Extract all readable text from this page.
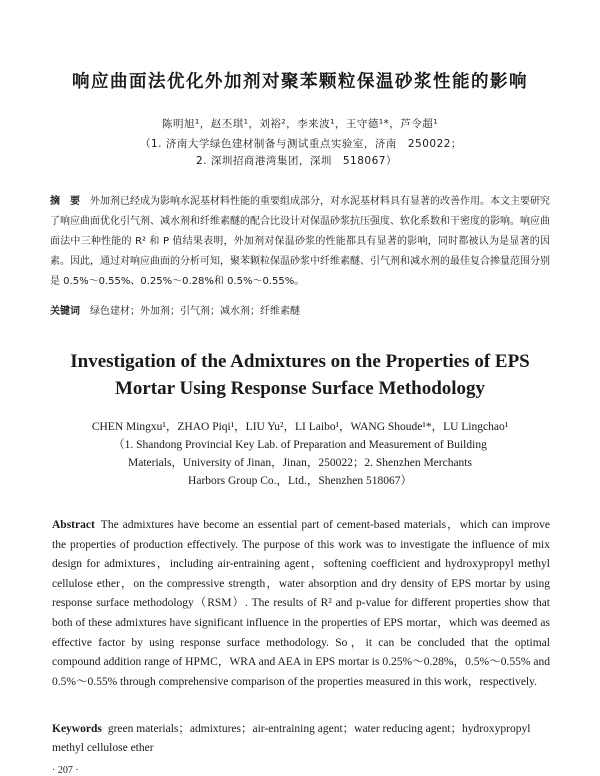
响应曲面法优化外加剂对聚苯颗粒保温砂浆性能的影响
陈明旭¹，赵丕琪¹，刘裕²，李来波¹，王守德¹*，芦令超¹
（1. 济南大学绿色建材制备与测试重点实验室，济南　250022；
2. 深圳招商港湾集团，深圳　518067）
摘　要 外加剂已经成为影响水泥基材料性能的重要组成部分，对水泥基材料具有显著的改善作用。本文主要研究了响应曲面优化引气剂、减水剂和纤维素醚的配合比设计对保温砂浆抗压强度、软化系数和干密度的影响。响应曲面法中三种性能的 R² 和 P 值结果表明，外加剂对保温砂浆的性能都具有显著的影响，同时都被认为是显著的因素。因此，通过对响应曲面的分析可知，聚苯颗粒保温砂浆中纤维素醚、引气剂和减水剂的最佳复合掺量范围分别是 0.5%～0.55%、0.25%～0.28%和 0.5%～0.55%。
关键词 绿色建材；外加剂；引气剂；减水剂；纤维素醚
Investigation of the Admixtures on the Properties of EPS
Mortar Using Response Surface Methodology
CHEN Mingxu¹，ZHAO Piqi¹，LIU Yu²，LI Laibo¹，WANG Shoude¹*，LU Lingchao¹
（1. Shandong Provincial Key Lab. of Preparation and Measurement of Building
Materials，University of Jinan，Jinan，250022；2. Shenzhen Merchants
Harbors Group Co.，Ltd.，Shenzhen 518067）
Abstract The admixtures have become an essential part of cement-based materials，which can improve the properties of production effectively. The purpose of this work was to investigate the influence of mix design for admixtures，including air-entraining agent，softening coefficient and hydroxypropyl methyl cellulose ether，on the compressive strength，water absorption and dry density of EPS mortar by using response surface methodology（RSM）. The results of R² and p-value for different properties show that both of these admixtures have significant influence in the properties of EPS mortar，which was deemed as effective factor by using response surface methodology. So，it can be concluded that the optimal compound addition range of HPMC，WRA and AEA in EPS mortar is 0.25%～0.28%，0.5%～0.55% and 0.5%～0.55% through comprehensive comparison of the properties measured in this work，respectively.
Keywords green materials；admixtures；air-entraining agent；water reducing agent；hydroxypropyl methyl cellulose ether
· 207 ·
